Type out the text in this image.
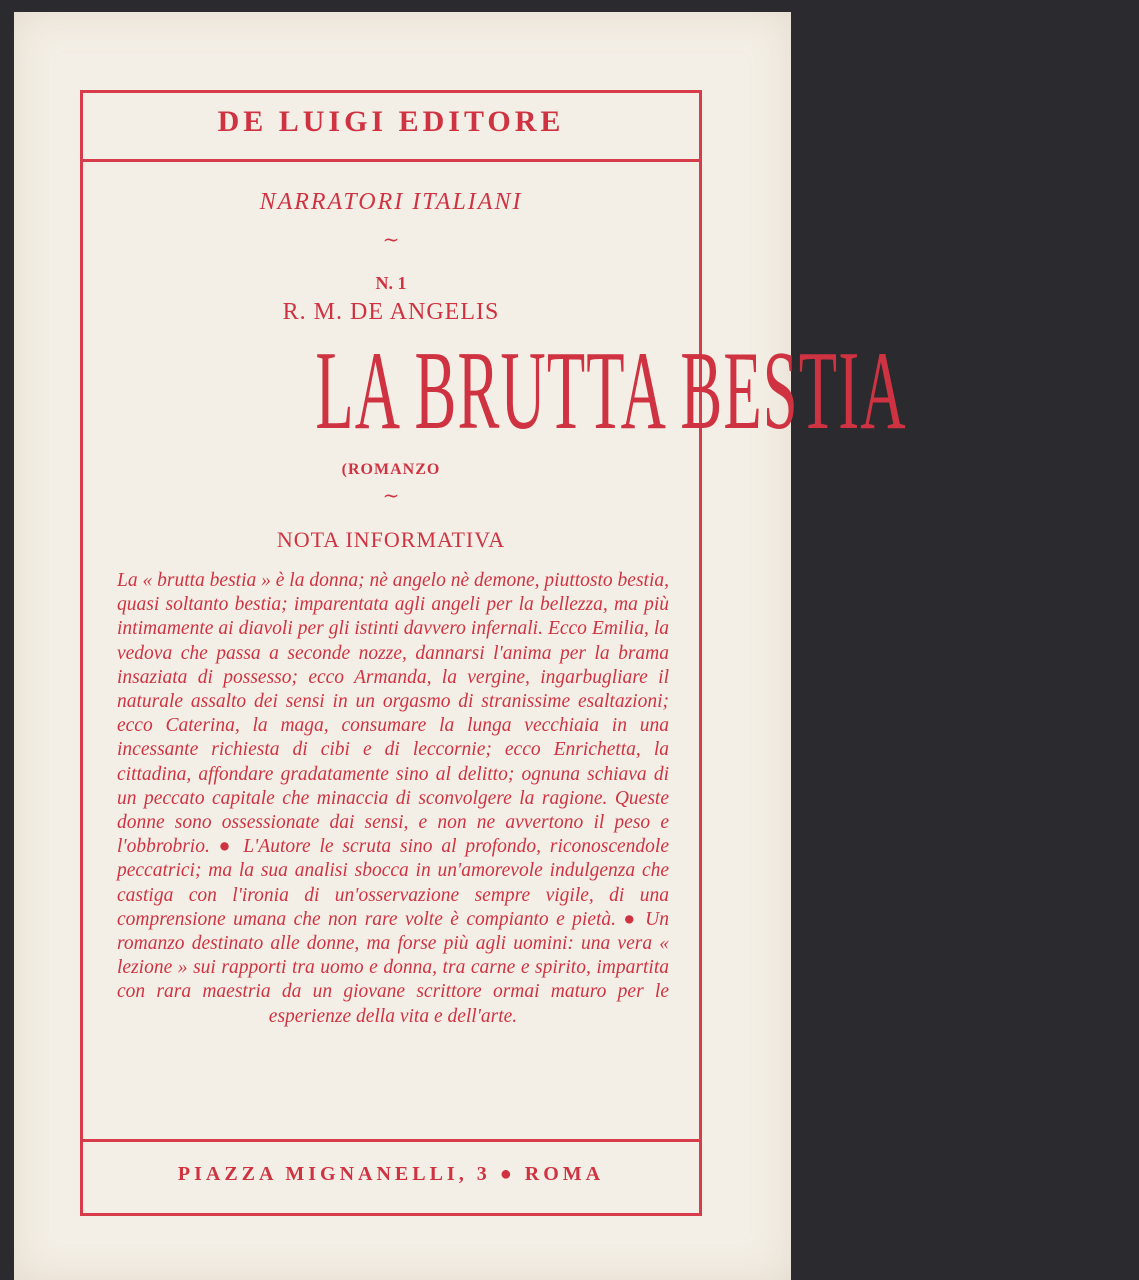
DE LUIGI EDITORE
NARRATORI ITALIANI
~
N. 1
R. M. DE ANGELIS
LA BRUTTA BESTIA
(ROMANZO
~
NOTA INFORMATIVA
La « brutta bestia » è la donna; nè angelo nè demone, piuttosto bestia, quasi soltanto bestia; imparentata agli angeli per la bellezza, ma più intimamente ai diavoli per gli istinti davvero infernali. Ecco Emilia, la vedova che passa a seconde nozze, dannarsi l'anima per la brama insaziata di possesso; ecco Armanda, la vergine, ingarbugliare il naturale assalto dei sensi in un orgasmo di stranissime esaltazioni; ecco Caterina, la maga, consumare la lunga vecchiaia in una incessante richiesta di cibi e di leccornie; ecco Enrichetta, la cittadina, affondare gradatamente sino al delitto; ognuna schiava di un peccato capitale che minaccia di sconvolgere la ragione. Queste donne sono ossessionate dai sensi, e non ne avvertono il peso e l'obbrobrio. ● L'Autore le scruta sino al profondo, riconoscendole peccatrici; ma la sua analisi sbocca in un'amorevole indulgenza che castiga con l'ironia di un'osservazione sempre vigile, di una comprensione umana che non rare volte è compianto e pietà. ● Un romanzo destinato alle donne, ma forse più agli uomini: una vera « lezione » sui rapporti tra uomo e donna, tra carne e spirito, impartita con rara maestria da un giovane scrittore ormai maturo per le esperienze della vita e dell'arte.
PIAZZA MIGNANELLI, 3 ● ROMA
